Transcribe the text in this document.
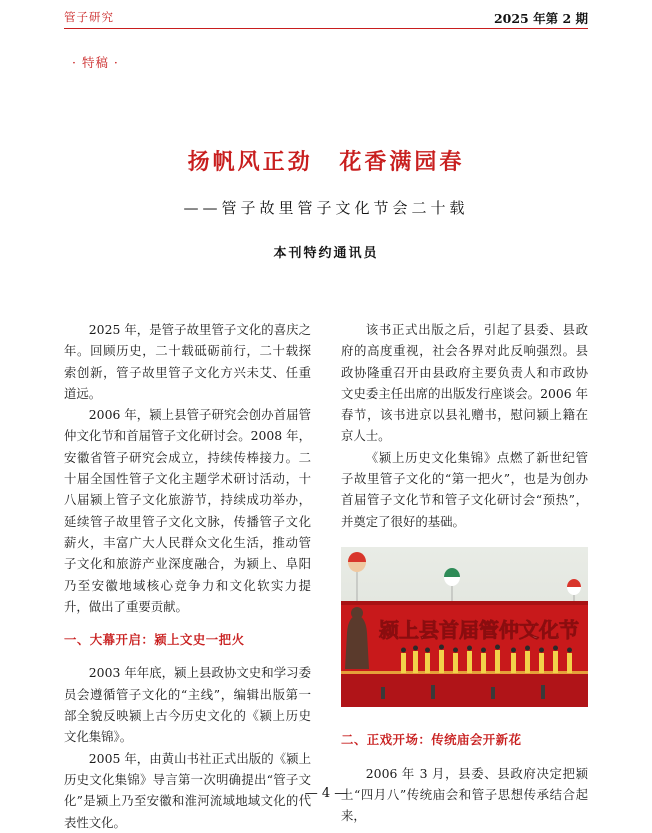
管子研究	2025 年第 2 期
· 特稿 ·
扬帆风正劲 花香满园春
——管子故里管子文化节会二十载
本刊特约通讯员

2025 年，是管子故里管子文化的喜庆之年。回顾历史，二十载砥砺前行，二十载探索创新，管子故里管子文化方兴未艾、任重道远。

2006 年，颍上县管子研究会创办首届管仲文化节和首届管子文化研讨会。2008 年，安徽省管子研究会成立，持续传棒接力。二十届全国性管子文化主题学术研讨活动，十八届颍上管子文化旅游节，持续成功举办，延续管子故里管子文化文脉，传播管子文化薪火，丰富广大人民群众文化生活，推动管子文化和旅游产业深度融合，为颍上、阜阳乃至安徽地域核心竞争力和文化软实力提升，做出了重要贡献。

一、大幕开启：颍上文史一把火

2003 年年底，颍上县政协文史和学习委员会遵循管子文化的“主线”，编辑出版第一部全貌反映颍上古今历史文化的《颍上历史文化集锦》。

2005 年，由黄山书社正式出版的《颍上历史文化集锦》导言第一次明确提出“管子文化”是颍上乃至安徽和淮河流域地域文化的代表性文化。

该书正式出版之后，引起了县委、县政府的高度重视，社会各界对此反响强烈。县政协隆重召开由县政府主要负责人和市政协文史委主任出席的出版发行座谈会。2006 年春节，该书进京以县礼赠书，慰问颍上籍在京人士。

《颍上历史文化集锦》点燃了新世纪管子故里管子文化的“第一把火”，也是为创办首届管子文化节和管子文化研讨会“预热”，并奠定了很好的基础。

颍上县首届管仲文化节
二、正戏开场：传统庙会开新花

2006 年 3 月，县委、县政府决定把颍上“四月八”传统庙会和管子思想传承结合起来，

— 4 —
